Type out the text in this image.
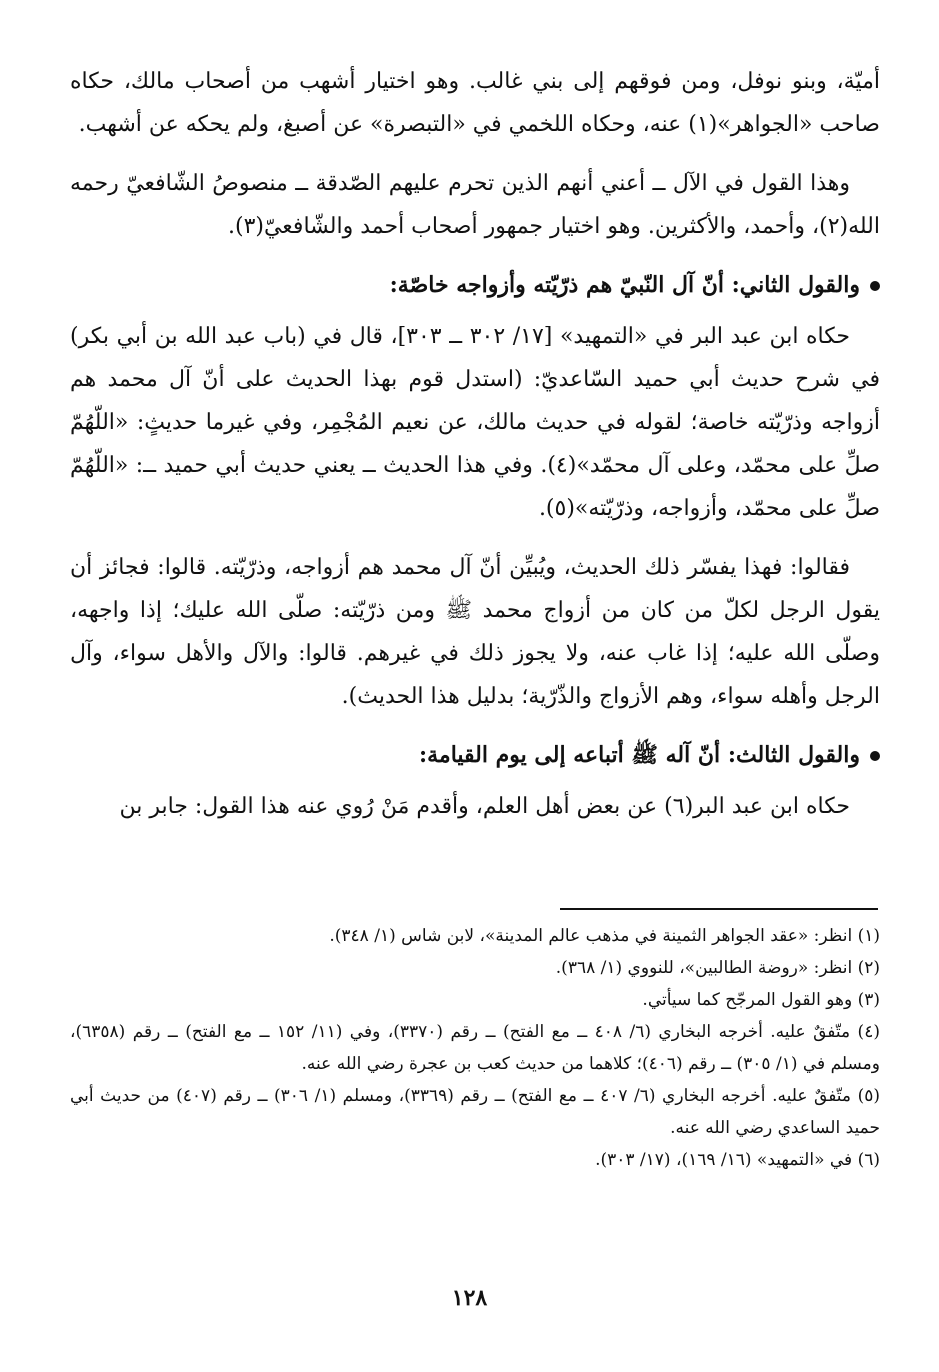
أميّة، وبنو نوفل، ومن فوقهم إلى بني غالب. وهو اختيار أشهب من أصحاب مالك، حكاه صاحب «الجواهر»(١) عنه، وحكاه اللخمي في «التبصرة» عن أصبغ، ولم يحكه عن أشهب.

وهذا القول في الآل ــ أعني أنهم الذين تحرم عليهم الصّدقة ــ منصوصُ الشّافعيّ رحمه الله(٢)، وأحمد، والأكثرين. وهو اختيار جمهور أصحاب أحمد والشّافعيّ(٣).

والقول الثاني: أنّ آل النّبيّ هم ذرّيّته وأزواجه خاصّة:

حكاه ابن عبد البر في «التمهيد» [١٧/ ٣٠٢ ــ ٣٠٣]، قال في (باب عبد الله بن أبي بكر) في شرح حديث أبي حميد السّاعديّ: (استدل قوم بهذا الحديث على أنّ آل محمد هم أزواجه وذرّيّته خاصة؛ لقوله في حديث مالك، عن نعيم المُجْمِر، وفي غيرما حديثٍ: «اللّهُمّ صلِّ على محمّد، وعلى آل محمّد»(٤). وفي هذا الحديث ــ يعني حديث أبي حميد ــ: «اللّهُمّ صلِّ على محمّد، وأزواجه، وذرّيّته»(٥).

فقالوا: فهذا يفسّر ذلك الحديث، ويُبيِّن أنّ آل محمد هم أزواجه، وذرّيّته. قالوا: فجائز أن يقول الرجل لكلّ من كان من أزواج محمد ﷺ ومن ذرّيّته: صلّى الله عليك؛ إذا واجهه، وصلّى الله عليه؛ إذا غاب عنه، ولا يجوز ذلك في غيرهم. قالوا: والآل والأهل سواء، وآل الرجل وأهله سواء، وهم الأزواج والذّرّية؛ بدليل هذا الحديث).

والقول الثالث: أنّ آله ﷺ أتباعه إلى يوم القيامة:

حكاه ابن عبد البر(٦) عن بعض أهل العلم، وأقدم مَنْ رُوي عنه هذا القول: جابر بن

(١) انظر: «عقد الجواهر الثمينة في مذهب عالم المدينة»، لابن شاس (١/ ٣٤٨).

(٢) انظر: «روضة الطالبين»، للنووي (١/ ٣٦٨).

(٣) وهو القول المرجّح كما سيأتي.

(٤) متّفقٌ عليه. أخرجه البخاري (٦/ ٤٠٨ ــ مع الفتح) ــ رقم (٣٣٧٠)، وفي (١١/ ١٥٢ ــ مع الفتح) ــ رقم (٦٣٥٨)، ومسلم في (١/ ٣٠٥) ــ رقم (٤٠٦)؛ كلاهما من حديث كعب بن عجرة رضي الله عنه.

(٥) متّفقٌ عليه. أخرجه البخاري (٦/ ٤٠٧ ــ مع الفتح) ــ رقم (٣٣٦٩)، ومسلم (١/ ٣٠٦) ــ رقم (٤٠٧) من حديث أبي حميد الساعدي رضي الله عنه.

(٦) في «التمهيد» (١٦/ ١٦٩)، (١٧/ ٣٠٣).

١٢٨
